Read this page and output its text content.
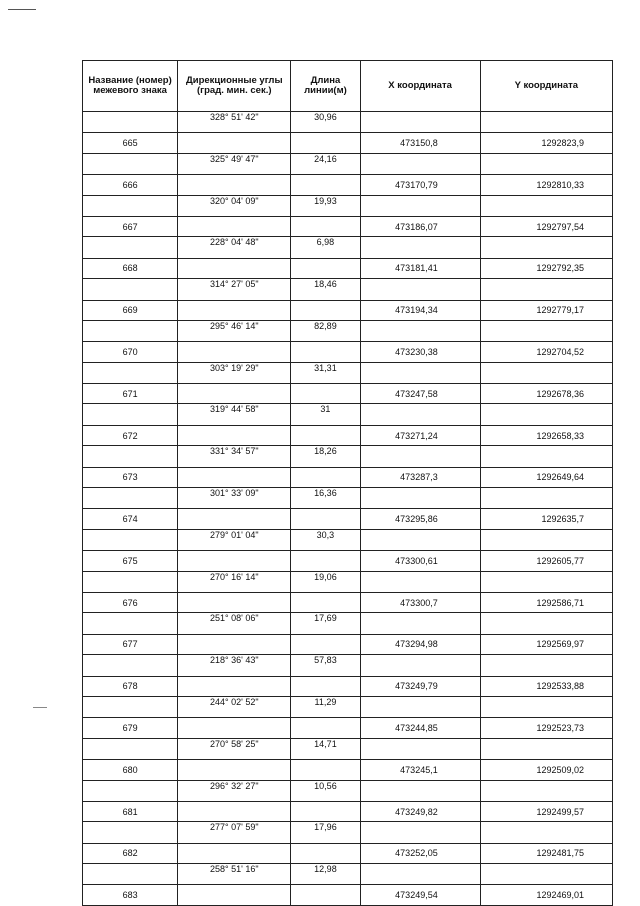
Название (номер) межевого знака	Дирекционные углы (град. мин. сек.)	Длина линии(м)	X координата	Y координата
	328° 51' 42"	30,96		
665			473150,8	1292823,9
	325° 49' 47"	24,16		
666			473170,79	1292810,33
	320° 04' 09"	19,93		
667			473186,07	1292797,54
	228° 04' 48"	6,98		
668			473181,41	1292792,35
	314° 27' 05"	18,46		
669			473194,34	1292779,17
	295° 46' 14"	82,89		
670			473230,38	1292704,52
	303° 19' 29"	31,31		
671			473247,58	1292678,36
	319° 44' 58"	31		
672			473271,24	1292658,33
	331° 34' 57"	18,26		
673			473287,3	1292649,64
	301° 33' 09"	16,36		
674			473295,86	1292635,7
	279° 01' 04"	30,3		
675			473300,61	1292605,77
	270° 16' 14"	19,06		
676			473300,7	1292586,71
	251° 08' 06"	17,69		
677			473294,98	1292569,97
	218° 36' 43"	57,83		
678			473249,79	1292533,88
	244° 02' 52"	11,29		
679			473244,85	1292523,73
	270° 58' 25"	14,71		
680			473245,1	1292509,02
	296° 32' 27"	10,56		
681			473249,82	1292499,57
	277° 07' 59"	17,96		
682			473252,05	1292481,75
	258° 51' 16"	12,98		
683			473249,54	1292469,01
